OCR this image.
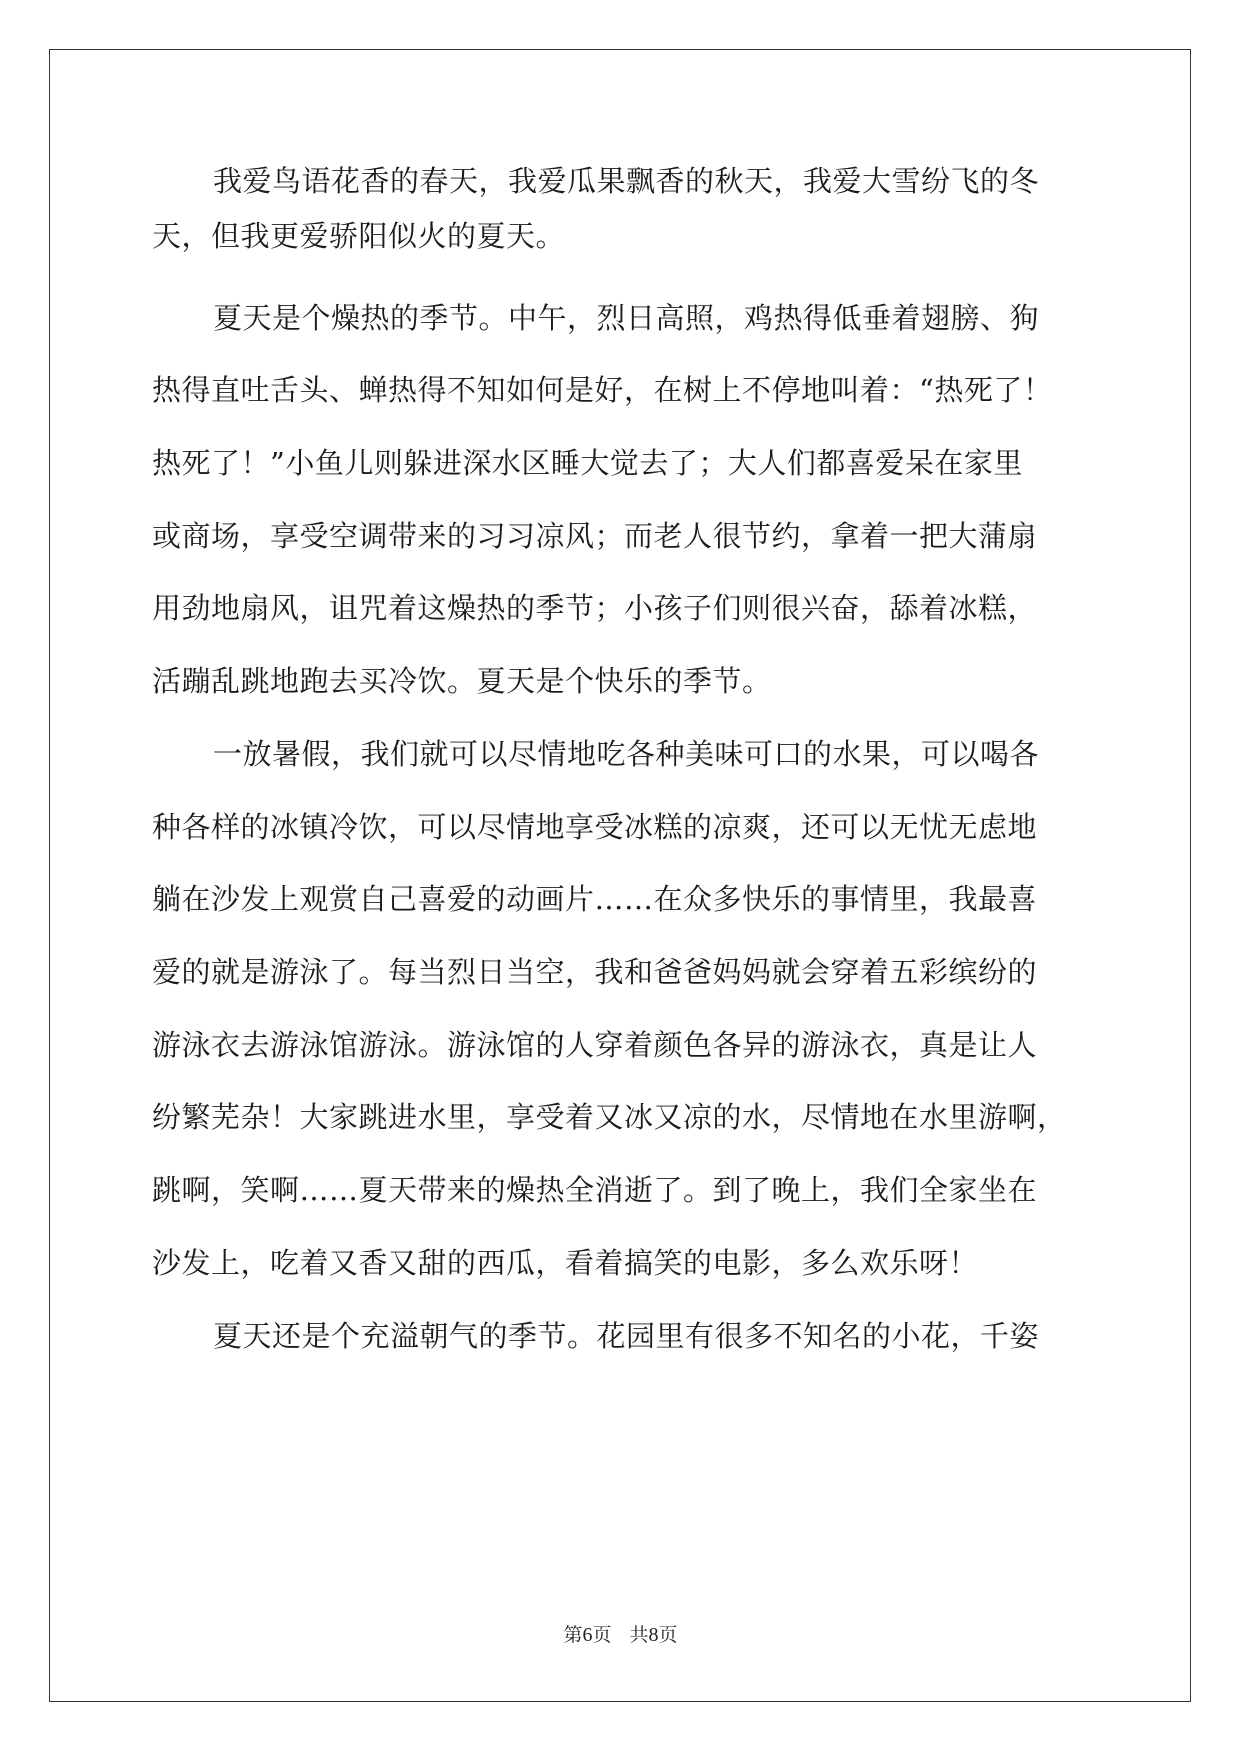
我爱鸟语花香的春天，我爱瓜果飘香的秋天，我爱大雪纷飞的冬
天，但我更爱骄阳似火的夏天。
夏天是个燥热的季节。中午，烈日高照，鸡热得低垂着翅膀、狗
热得直吐舌头、蝉热得不知如何是好，在树上不停地叫着：“热死了！
热死了！”小鱼儿则躲进深水区睡大觉去了；大人们都喜爱呆在家里
或商场，享受空调带来的习习凉风；而老人很节约，拿着一把大蒲扇
用劲地扇风，诅咒着这燥热的季节；小孩子们则很兴奋，舔着冰糕，
活蹦乱跳地跑去买冷饮。夏天是个快乐的季节。
一放暑假，我们就可以尽情地吃各种美味可口的水果，可以喝各
种各样的冰镇冷饮，可以尽情地享受冰糕的凉爽，还可以无忧无虑地
躺在沙发上观赏自己喜爱的动画片……在众多快乐的事情里，我最喜
爱的就是游泳了。每当烈日当空，我和爸爸妈妈就会穿着五彩缤纷的
游泳衣去游泳馆游泳。游泳馆的人穿着颜色各异的游泳衣，真是让人
纷繁芜杂！大家跳进水里，享受着又冰又凉的水，尽情地在水里游啊，
跳啊，笑啊……夏天带来的燥热全消逝了。到了晚上，我们全家坐在
沙发上，吃着又香又甜的西瓜，看着搞笑的电影，多么欢乐呀！
夏天还是个充溢朝气的季节。花园里有很多不知名的小花，千姿
第6页 共8页
